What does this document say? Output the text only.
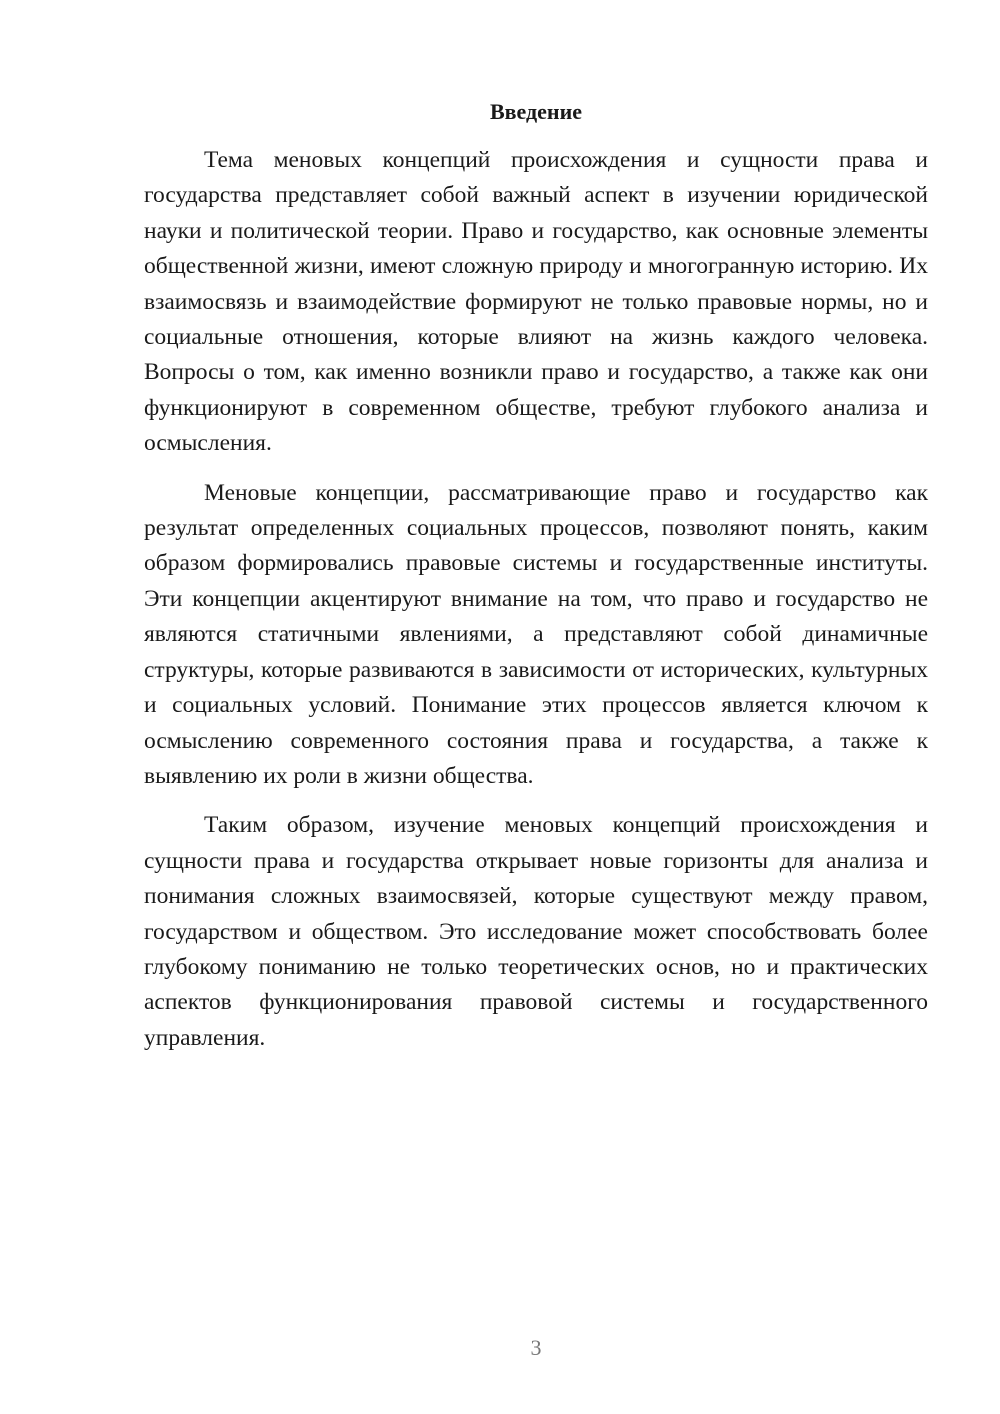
Введение

Тема меновых концепций происхождения и сущности права и государства представляет собой важный аспект в изучении юридической науки и политической теории. Право и государство, как основные элементы общественной жизни, имеют сложную природу и многогранную историю. Их взаимосвязь и взаимодействие формируют не только правовые нормы, но и социальные отношения, которые влияют на жизнь каждого человека. Вопросы о том, как именно возникли право и государство, а также как они функционируют в современном обществе, требуют глубокого анализа и осмысления.

Меновые концепции, рассматривающие право и государство как результат определенных социальных процессов, позволяют понять, каким образом формировались правовые системы и государственные институты. Эти концепции акцентируют внимание на том, что право и государство не являются статичными явлениями, а представляют собой динамичные структуры, которые развиваются в зависимости от исторических, культурных и социальных условий. Понимание этих процессов является ключом к осмыслению современного состояния права и государства, а также к выявлению их роли в жизни общества.

Таким образом, изучение меновых концепций происхождения и сущности права и государства открывает новые горизонты для анализа и понимания сложных взаимосвязей, которые существуют между правом, государством и обществом. Это исследование может способствовать более глубокому пониманию не только теоретических основ, но и практических аспектов функционирования правовой системы и государственного управления.

3
